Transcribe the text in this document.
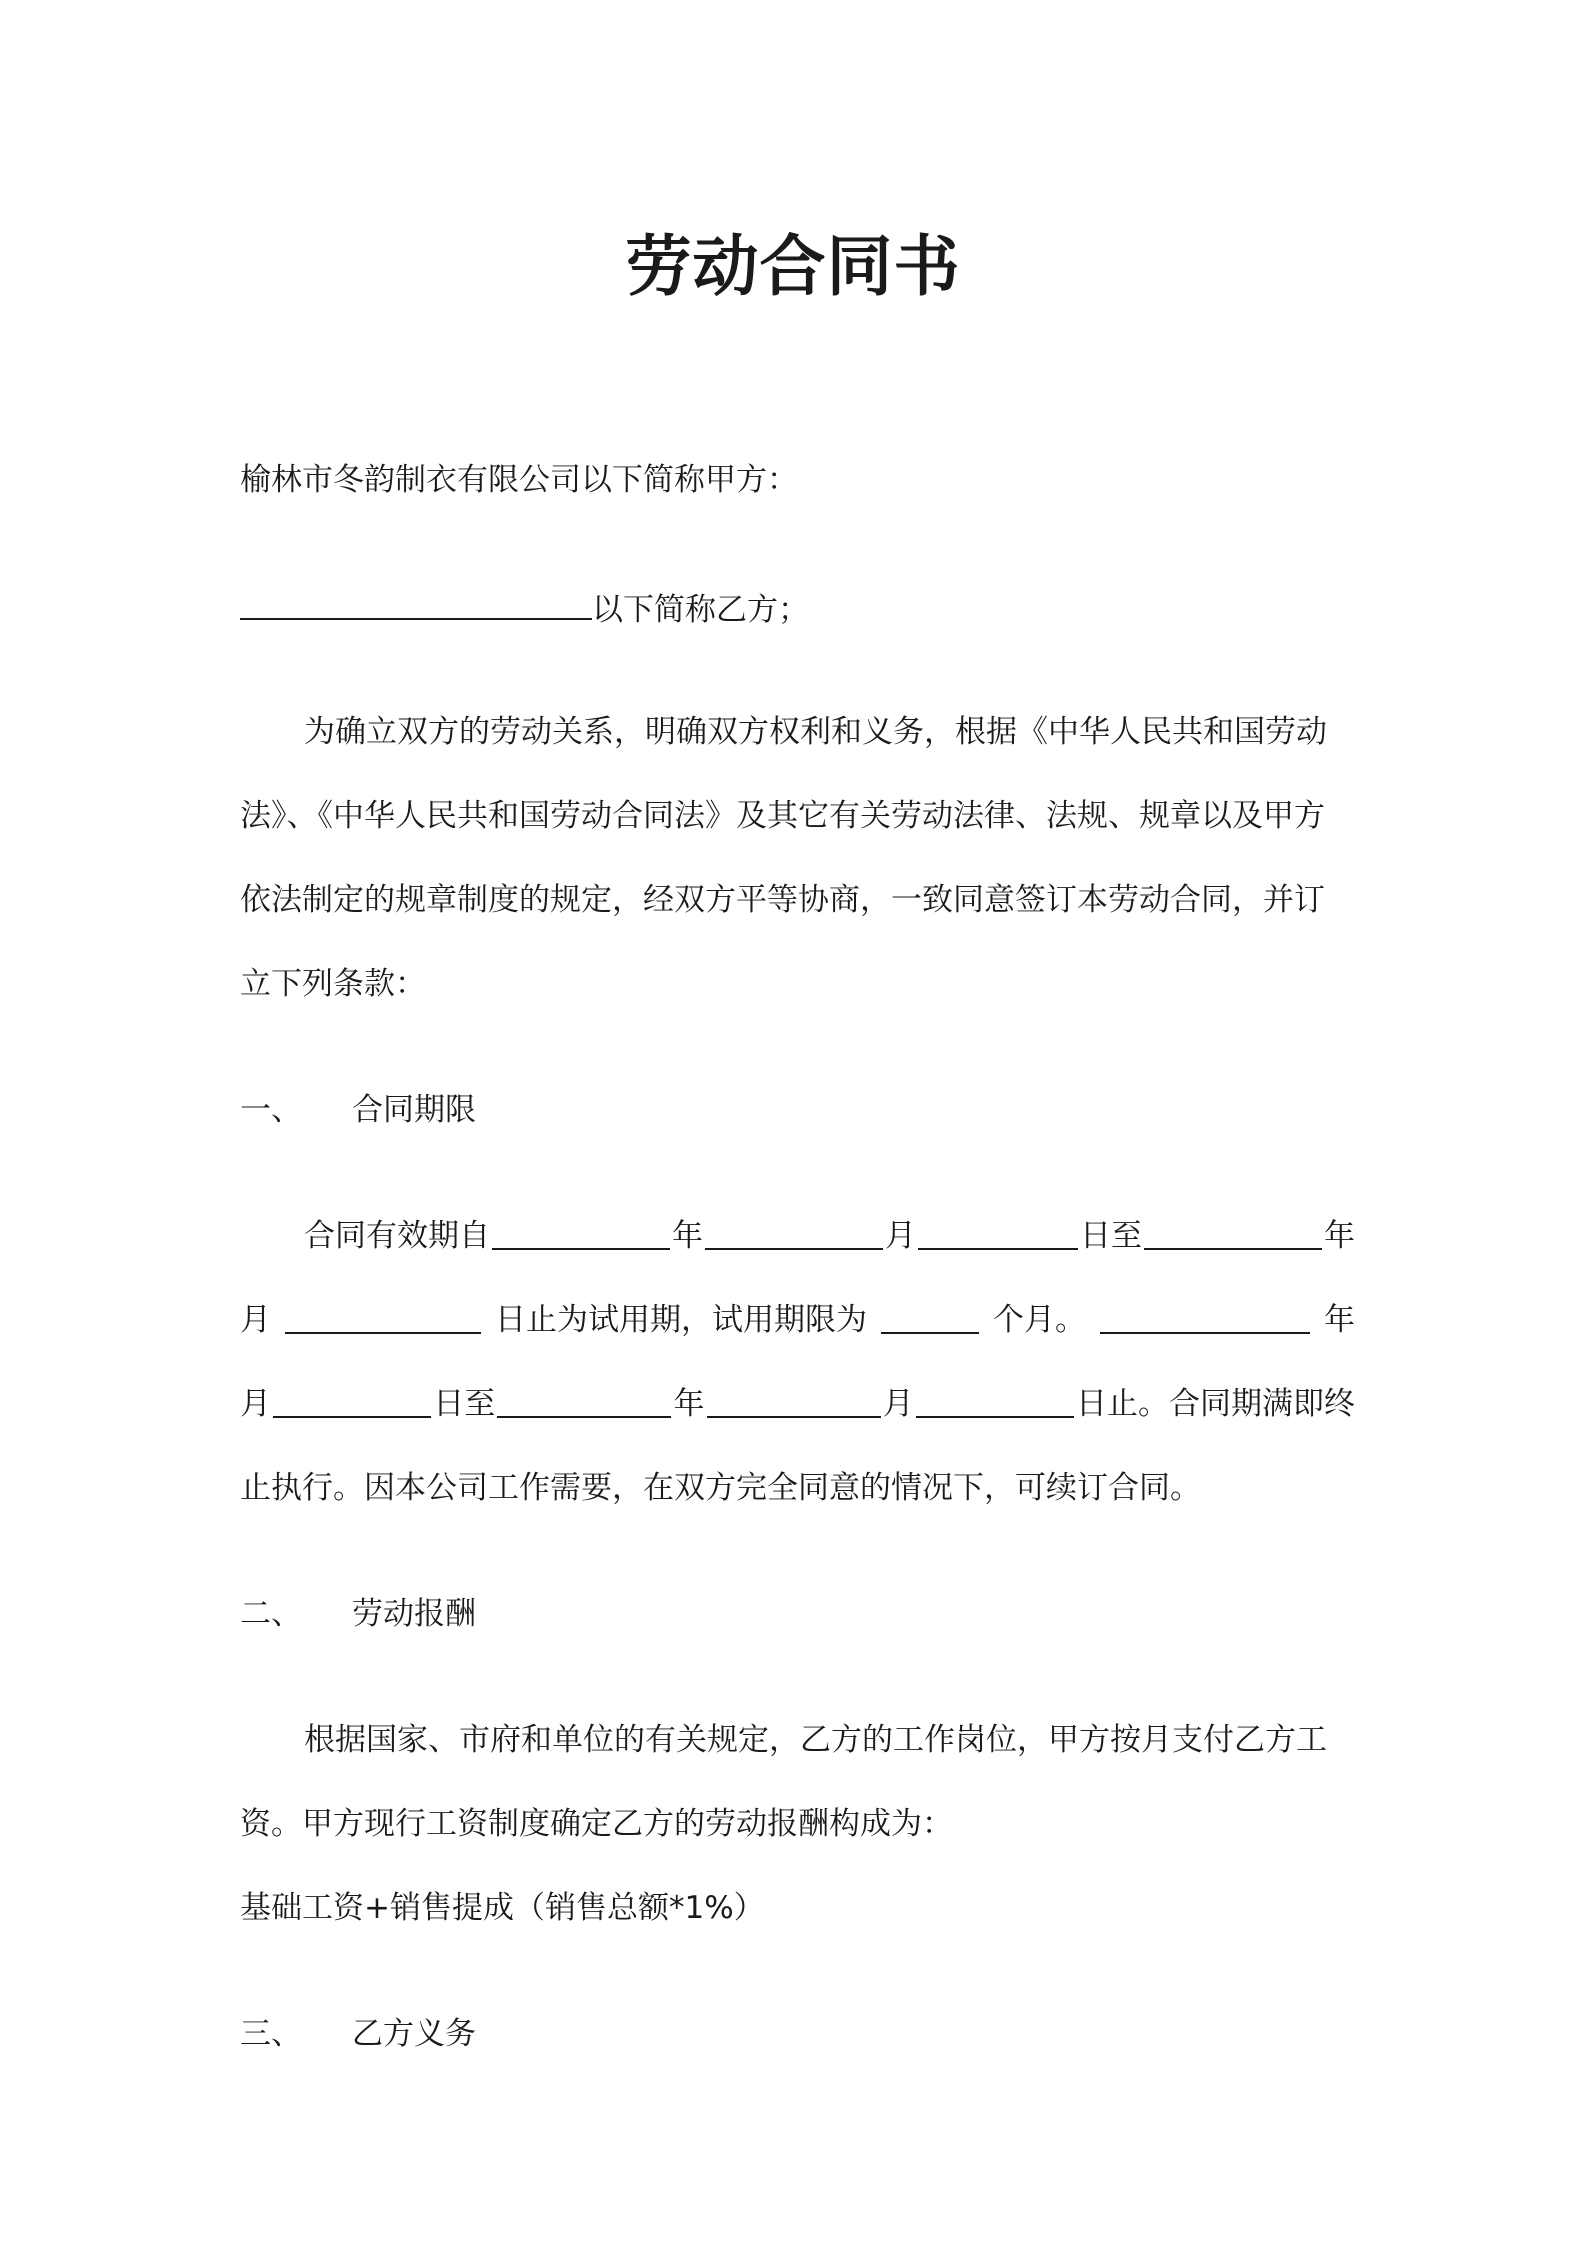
劳动合同书
榆林市冬韵制衣有限公司以下简称甲方：
以下简称乙方；
为确立双方的劳动关系，明确双方权利和义务，根据《中华人民共和国劳动
法》、《中华人民共和国劳动合同法》及其它有关劳动法律、法规、规章以及甲方
依法制定的规章制度的规定，经双方平等协商，一致同意签订本劳动合同，并订
立下列条款：
一、 合同期限
合同有效期自	年	月	日至	年
月	日止为试用期，试用期限为	个月。	年
月	日至	年	月	日止。合同期满即终
止执行。因本公司工作需要，在双方完全同意的情况下，可续订合同。
二、 劳动报酬
根据国家、市府和单位的有关规定，乙方的工作岗位，甲方按月支付乙方工
资。甲方现行工资制度确定乙方的劳动报酬构成为：
基础工资+销售提成（销售总额*1%）
三、 乙方义务
